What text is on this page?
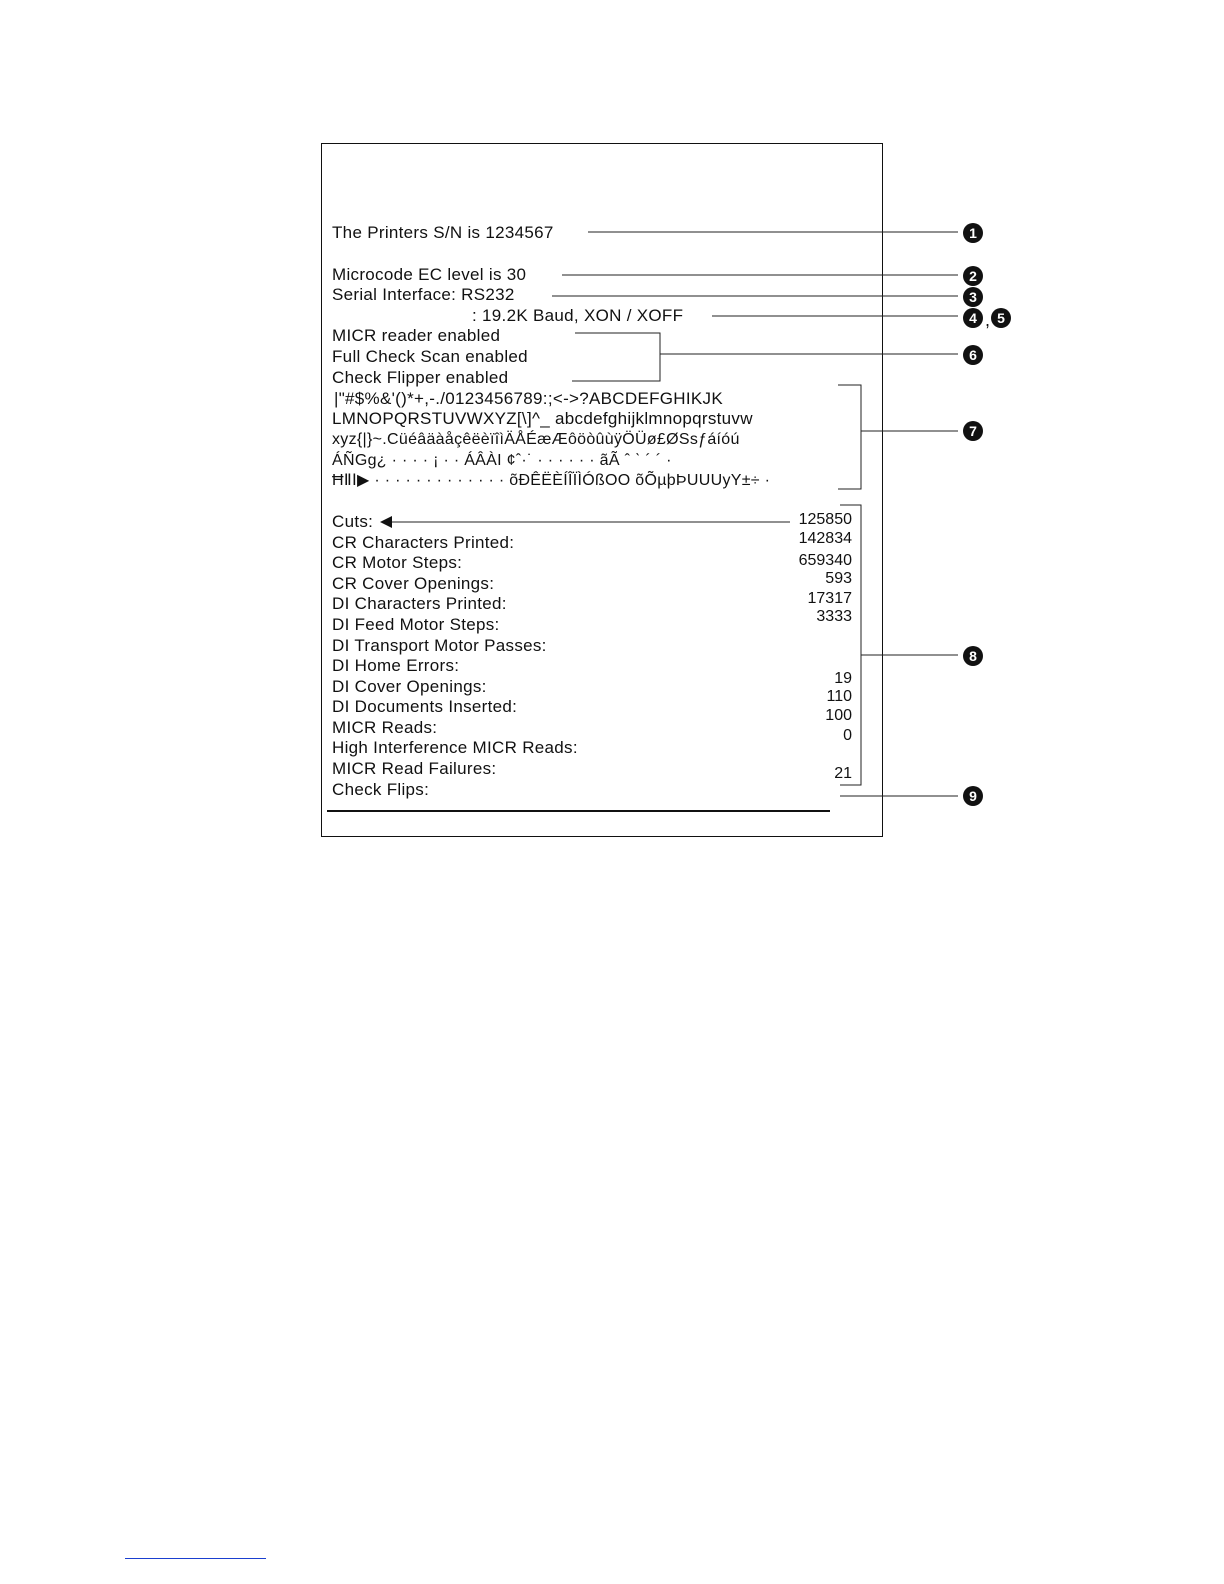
The Printers S/N is 1234567
Microcode EC level is 30
Serial Interface: RS232
: 19.2K Baud, XON / XOFF
MICR reader enabled
Full Check Scan enabled
Check Flipper enabled
|"#$%&'()*+,-./0123456789:;<->?ABCDEFGHIKJK
LMNOPQRSTUVWXYZ[\]^_ abcdefghijklmnopqrstuvw
xyz{|}~.CüéâäàåçêëèïîìÄÅÉæÆôöòûùÿÖÜø£ØSsƒáíóú
ÁÑGg¿ · · · · ¡ · · ÁÂÀI ¢ˆ·˙ · · · · · · ãÃ ˆ ˋ ´ ´ ·
ĦⅡⅠ▶ · · · · · · · · · · · · · õÐÊËÈÍÎÏÌÓßOO õÕµþÞUUUyY±÷ ·
Cuts:
CR Characters Printed:
CR Motor Steps:
CR Cover Openings:
DI Characters Printed:
DI Feed Motor Steps:
DI Transport Motor Passes:
DI Home Errors:
DI Cover Openings:
DI Documents Inserted:
MICR Reads:
High Interference MICR Reads:
MICR Read Failures:
Check Flips:
125850
142834
659340
593
17317
3333
19
110
100
0
21
1
2
3
4 , 5
6
7
8
9
